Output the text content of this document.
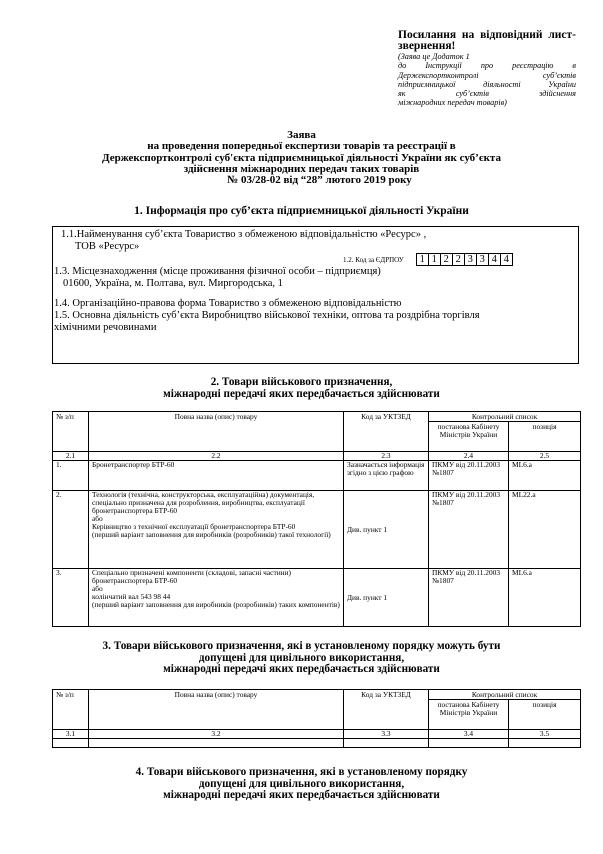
Посилання на відповідний лист-звернення!
(Заява це Додаток 1
до Інструкції про реєстрацію в
Держекспортконтролі суб’єктів
підприємницької діяльності України
як суб’єктів здійснення
міжнародних передач товарів)
Заява
на проведення попередньої експертизи товарів та реєстрації в
Держекспортконтролі суб'єкта підприємницької діяльності України як суб’єкта
здійснення міжнародних передач таких товарів
№ 03/28-02 від “28” лютого 2019 року
1. Інформація про суб’єкта підприємницької діяльності України
1.1.Найменування суб’єкта Товариство з обмеженою відповідальністю «Ресурс» ,
ТОВ «Ресурс»
1.2. Код за ЄДРПОУ 1 1 2 2 3 3 4 4
1.3. Місцезнаходження (місце проживання фізичної особи – підприємця)
01600, Україна, м. Полтава, вул. Миргородська, 1
1.4. Організаційно-правова форма Товариство з обмеженою відповідальністю
1.5. Основна діяльність суб’єкта Виробництво військової техніки, оптова та роздрібна торгівля
хімічними речовинами
2. Товари військового призначення,
міжнародні передачі яких передбачається здійснювати
№ з/п	Повна назва (опис) товару	Код за УКТЗЕД	Контрольний список	
			постанова Кабінету Міністрів України	позиція
2.1	2.2	2.3	2.4	2.5
1.	Бронетранспортер БТР-60	Зазначається інформація згідно з цією графою	ПКМУ від 20.11.2003 №1807	ML6.a
2.	Технологія (технічна, конструкторська, експлуатаційна) документація, спеціально призначена для розроблення, виробництва, експлуатації бронетранспортера БТР-60
або
Керівництво з технічної експлуатації бронетранспортера БТР-60
(перший варіант заповнення для виробників (розробників) такої технології)	Див. пункт 1	ПКМУ від 20.11.2003 №1807	ML22.a
3.	Спеціально призначені компоненти (складові, запасні частини) бронетранспортера БТР-60
або
колінчатий вал 543 98 44
(перший варіант заповнення для виробників (розробників) таких компонентів)	Див. пункт 1	ПКМУ від 20.11.2003 №1807	ML6.a
3. Товари військового призначення, які в установленому порядку можуть бути
допущені для цивільного використання,
міжнародні передачі яких передбачається здійснювати
№ з/п	Повна назва (опис) товару	Код за УКТЗЕД	Контрольний список	
			постанова Кабінету Міністрів України	позиція
3.1	3.2	3.3	3.4	3.5

4. Товари військового призначення, які в установленому порядку
допущені для цивільного використання,
міжнародні передачі яких передбачається здійснювати
